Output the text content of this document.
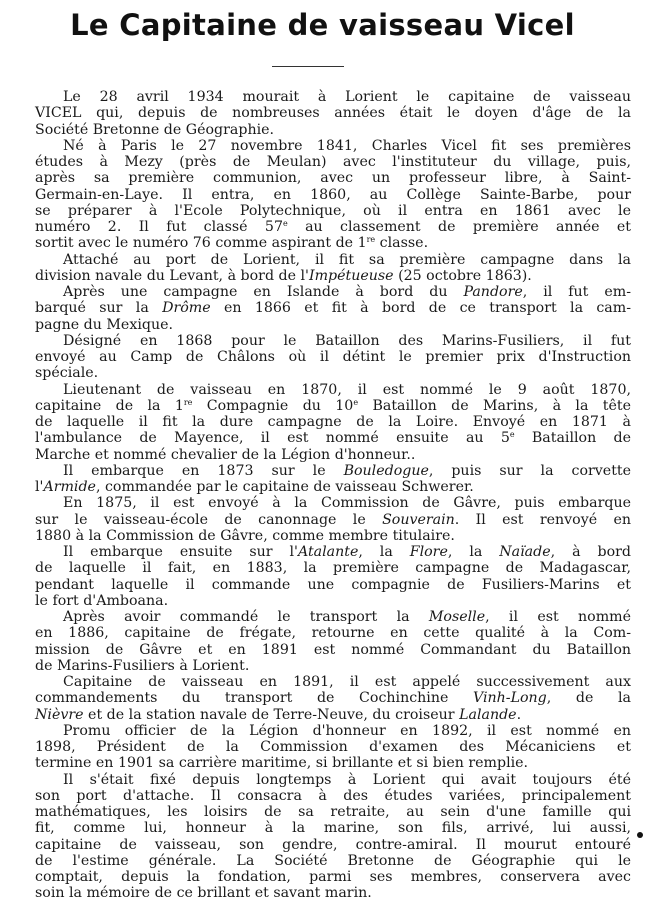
Le Capitaine de vaisseau Vicel
Le 28 avril 1934 mourait à Lorient le capitaine de vaisseau
VICEL qui, depuis de nombreuses années était le doyen d'âge de la
Société Bretonne de Géographie.
Né à Paris le 27 novembre 1841, Charles Vicel fit ses premières
études à Mezy (près de Meulan) avec l'instituteur du village, puis,
après sa première communion, avec un professeur libre, à Saint-
Germain-en-Laye. Il entra, en 1860, au Collège Sainte-Barbe, pour
se préparer à l'Ecole Polytechnique, où il entra en 1861 avec le
numéro 2. Il fut classé 57e au classement de première année et
sortit avec le numéro 76 comme aspirant de 1re classe.
Attaché au port de Lorient, il fit sa première campagne dans la
division navale du Levant, à bord de l'Impétueuse (25 octobre 1863).
Après une campagne en Islande à bord du Pandore, il fut em-
barqué sur la Drôme en 1866 et fit à bord de ce transport la cam-
pagne du Mexique.
Désigné en 1868 pour le Bataillon des Marins-Fusiliers, il fut
envoyé au Camp de Châlons où il détint le premier prix d'Instruction
spéciale.
Lieutenant de vaisseau en 1870, il est nommé le 9 août 1870,
capitaine de la 1re Compagnie du 10e Bataillon de Marins, à la tête
de laquelle il fit la dure campagne de la Loire. Envoyé en 1871 à
l'ambulance de Mayence, il est nommé ensuite au 5e Bataillon de
Marche et nommé chevalier de la Légion d'honneur..
Il embarque en 1873 sur le Bouledogue, puis sur la corvette
l'Armide, commandée par le capitaine de vaisseau Schwerer.
En 1875, il est envoyé à la Commission de Gâvre, puis embarque
sur le vaisseau-école de canonnage le Souverain. Il est renvoyé en
1880 à la Commission de Gâvre, comme membre titulaire.
Il embarque ensuite sur l'Atalante, la Flore, la Naïade, à bord
de laquelle il fait, en 1883, la première campagne de Madagascar,
pendant laquelle il commande une compagnie de Fusiliers-Marins et
le fort d'Amboana.
Après avoir commandé le transport la Moselle, il est nommé
en 1886, capitaine de frégate, retourne en cette qualité à la Com-
mission de Gâvre et en 1891 est nommé Commandant du Bataillon
de Marins-Fusiliers à Lorient.
Capitaine de vaisseau en 1891, il est appelé successivement aux
commandements du transport de Cochinchine Vinh-Long, de la
Nièvre et de la station navale de Terre-Neuve, du croiseur Lalande.
Promu officier de la Légion d'honneur en 1892, il est nommé en
1898, Président de la Commission d'examen des Mécaniciens et
termine en 1901 sa carrière maritime, si brillante et si bien remplie.
Il s'était fixé depuis longtemps à Lorient qui avait toujours été
son port d'attache. Il consacra à des études variées, principalement
mathématiques, les loisirs de sa retraite, au sein d'une famille qui
fit, comme lui, honneur à la marine, son fils, arrivé, lui aussi,
capitaine de vaisseau, son gendre, contre-amiral. Il mourut entouré
de l'estime générale. La Société Bretonne de Géographie qui le
comptait, depuis la fondation, parmi ses membres, conservera avec
soin la mémoire de ce brillant et savant marin.
